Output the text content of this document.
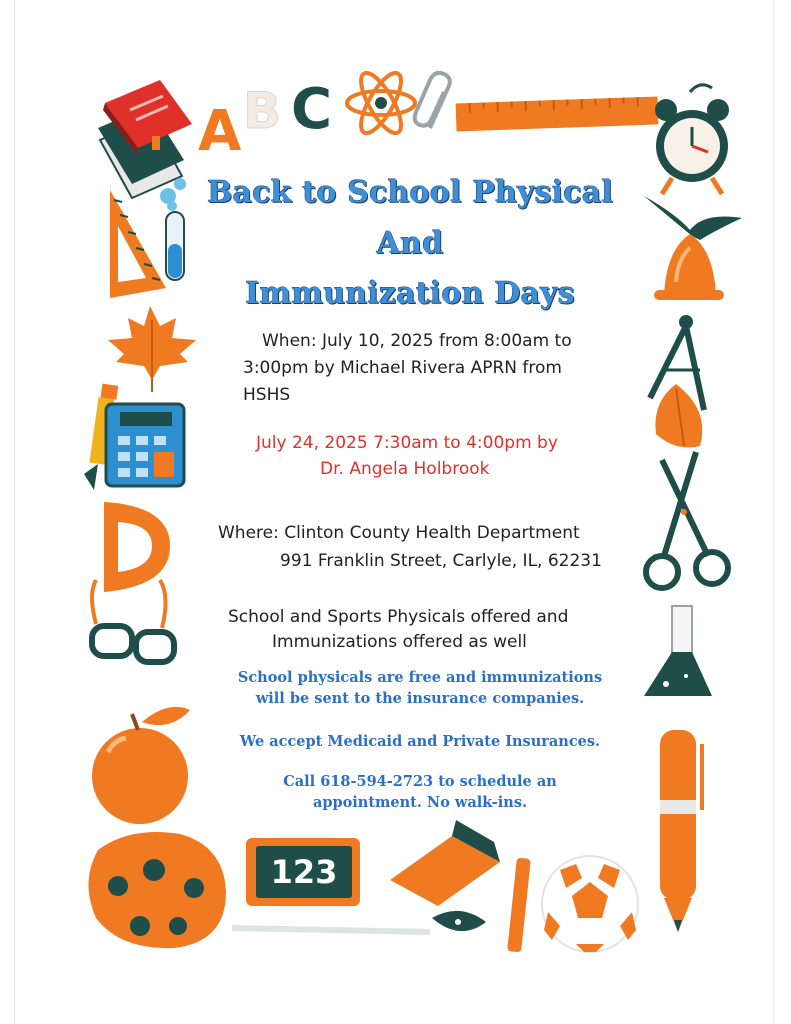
A B C
123
Back to School Physical
And
Immunization Days

When: July 10, 2025 from 8:00am to

3:00pm by Michael Rivera APRN from

HSHS

July 24, 2025 7:30am to 4:00pm by

Dr. Angela Holbrook

Where: Clinton County Health Department

991 Franklin Street, Carlyle, IL, 62231

School and Sports Physicals offered and

Immunizations offered as well

School physicals are free and immunizations

will be sent to the insurance companies.

We accept Medicaid and Private Insurances.

Call 618-594-2723 to schedule an

appointment. No walk-ins.
